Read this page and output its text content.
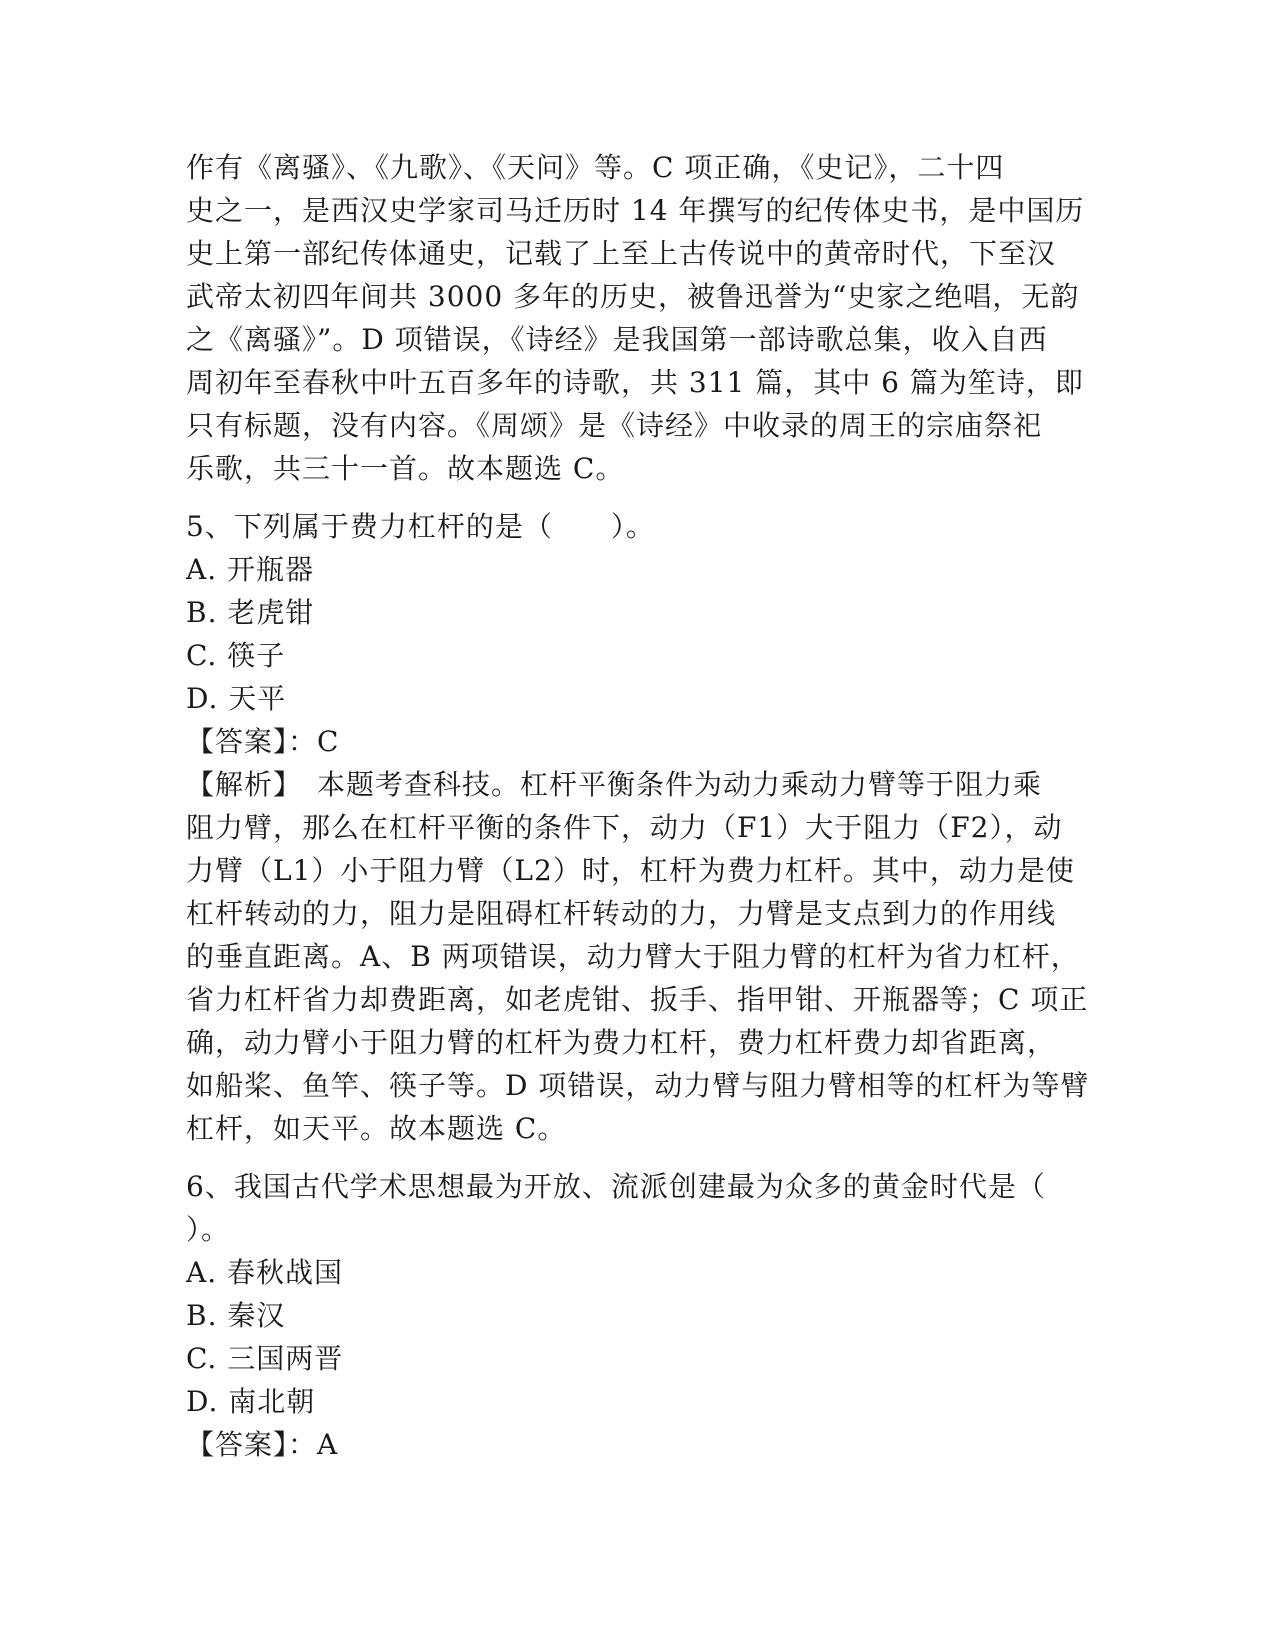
作有《离骚》、《九歌》、《天问》等。C 项正确，《史记》，二十四
史之一，是西汉史学家司马迁历时 14 年撰写的纪传体史书，是中国历
史上第一部纪传体通史，记载了上至上古传说中的黄帝时代，下至汉
武帝太初四年间共 3000 多年的历史，被鲁迅誉为“史家之绝唱，无韵
之《离骚》”。D 项错误，《诗经》是我国第一部诗歌总集，收入自西
周初年至春秋中叶五百多年的诗歌，共 311 篇，其中 6 篇为笙诗，即
只有标题，没有内容。《周颂》是《诗经》中收录的周王的宗庙祭祀
乐歌，共三十一首。故本题选 C。
5、下列属于费力杠杆的是（　　）。
A. 开瓶器
B. 老虎钳
C. 筷子
D. 天平
【答案】：C
【解析】　本题考查科技。杠杆平衡条件为动力乘动力臂等于阻力乘
阻力臂，那么在杠杆平衡的条件下，动力（F1）大于阻力（F2），动
力臂（L1）小于阻力臂（L2）时，杠杆为费力杠杆。其中，动力是使
杠杆转动的力，阻力是阻碍杠杆转动的力，力臂是支点到力的作用线
的垂直距离。A、B 两项错误，动力臂大于阻力臂的杠杆为省力杠杆，
省力杠杆省力却费距离，如老虎钳、扳手、指甲钳、开瓶器等；C 项正
确，动力臂小于阻力臂的杠杆为费力杠杆，费力杠杆费力却省距离，
如船桨、鱼竿、筷子等。D 项错误，动力臂与阻力臂相等的杠杆为等臂
杠杆，如天平。故本题选 C。
6、我国古代学术思想最为开放、流派创建最为众多的黄金时代是（
）。
A. 春秋战国
B. 秦汉
C. 三国两晋
D. 南北朝
【答案】：A
